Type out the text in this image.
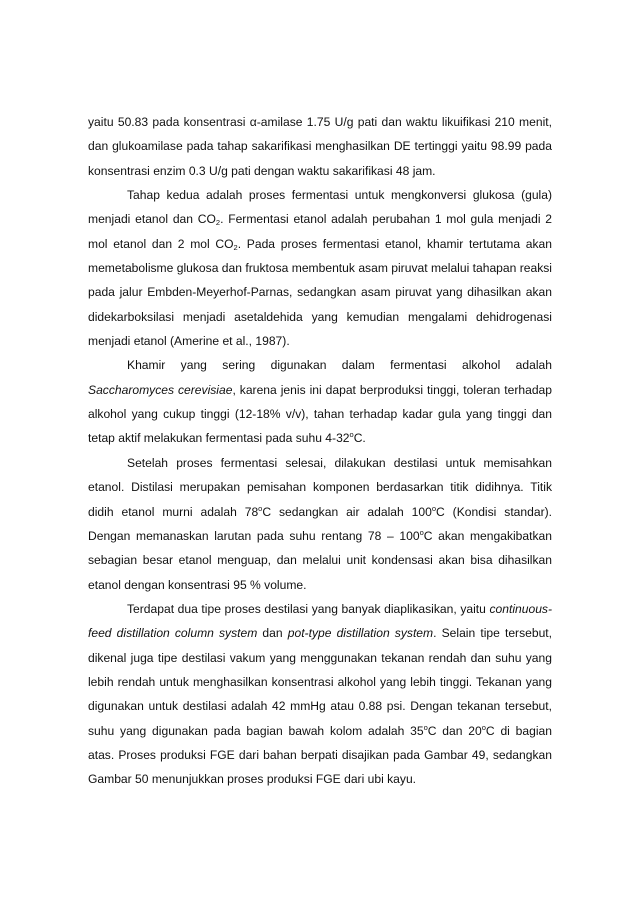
yaitu 50.83 pada konsentrasi α-amilase 1.75 U/g pati dan waktu likuifikasi 210 menit, dan glukoamilase pada tahap sakarifikasi menghasilkan DE tertinggi yaitu 98.99 pada konsentrasi enzim 0.3 U/g pati dengan waktu sakarifikasi 48 jam.

Tahap kedua adalah proses fermentasi untuk mengkonversi glukosa (gula) menjadi etanol dan $CO_2$. Fermentasi etanol adalah perubahan 1 mol gula menjadi 2 mol etanol dan 2 mol $CO_2$. Pada proses fermentasi etanol, khamir tertutama akan memetabolisme glukosa dan fruktosa membentuk asam piruvat melalui tahapan reaksi pada jalur Embden-Meyerhof-Parnas, sedangkan asam piruvat yang dihasilkan akan didekarboksilasi menjadi asetaldehida yang kemudian mengalami dehidrogenasi menjadi etanol (Amerine et al., 1987).

Khamir yang sering digunakan dalam fermentasi alkohol adalah Saccharomyces cerevisiae, karena jenis ini dapat berproduksi tinggi, toleran terhadap alkohol yang cukup tinggi (12-18% v/v), tahan terhadap kadar gula yang tinggi dan tetap aktif melakukan fermentasi pada suhu 4-32$^o$C.

Setelah proses fermentasi selesai, dilakukan destilasi untuk memisahkan etanol. Distilasi merupakan pemisahan komponen berdasarkan titik didihnya. Titik didih etanol murni adalah 78$^o$C sedangkan air adalah 100$^o$C (Kondisi standar). Dengan memanaskan larutan pada suhu rentang 78 – 100$^o$C akan mengakibatkan sebagian besar etanol menguap, dan melalui unit kondensasi akan bisa dihasilkan etanol dengan konsentrasi 95 % volume.

Terdapat dua tipe proses destilasi yang banyak diaplikasikan, yaitu continuous-feed distillation column system dan pot-type distillation system. Selain tipe tersebut, dikenal juga tipe destilasi vakum yang menggunakan tekanan rendah dan suhu yang lebih rendah untuk menghasilkan konsentrasi alkohol yang lebih tinggi. Tekanan yang digunakan untuk destilasi adalah 42 mmHg atau 0.88 psi. Dengan tekanan tersebut, suhu yang digunakan pada bagian bawah kolom adalah 35$^o$C dan 20$^o$C di bagian atas. Proses produksi FGE dari bahan berpati disajikan pada Gambar 49, sedangkan Gambar 50 menunjukkan proses produksi FGE dari ubi kayu.
